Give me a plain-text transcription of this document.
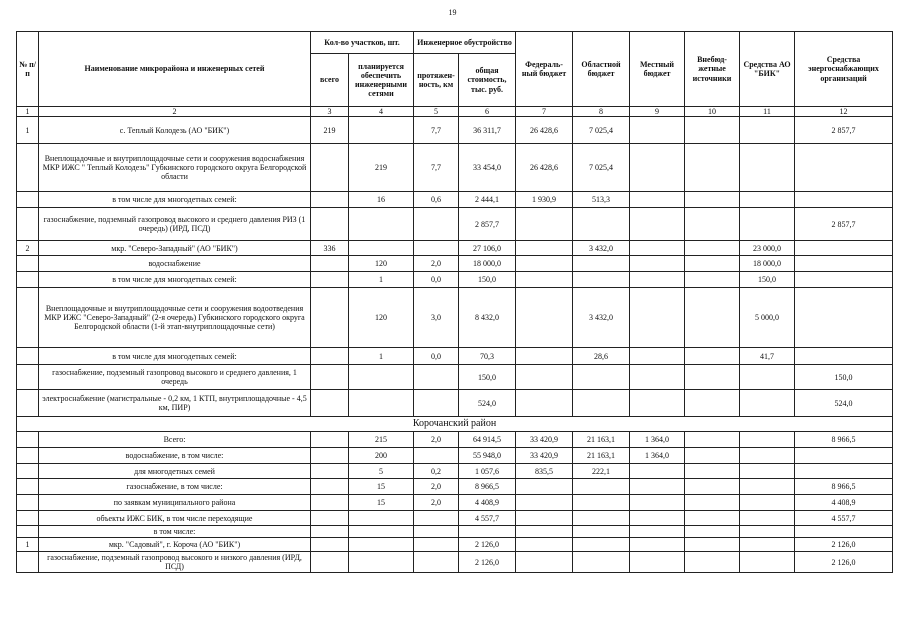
19
№ п/п	Наименование микрорайона и инженерных сетей	Кол-во участков, шт.		Инженерное обустройство		Федераль-ный бюджет	Областной бюджет	Местный бюджет	Внебюд-жетные источники	Средства АО "БИК"	Средства энергоснабжающих организаций
		всего	планируется обеспечить инженерными сетями	протяжен-ность, км	общая стоимость, тыс. руб.						
1	2	3	4	5	6	7	8	9	10	11	12
1	с. Теплый Колодезь (АО "БИК")	219		7,7	36 311,7	26 428,6	7 025,4				2 857,7
	Внеплощадочные и внутриплощадочные сети и сооружения водоснабжения МКР ИЖС " Теплый Колодезь" Губкинского городского округа Белгородской области		219	7,7	33 454,0	26 428,6	7 025,4				
	в том числе для многодетных семей:		16	0,6	2 444,1	1 930,9	513,3				
	газоснабжение, подземный газопровод высокого и среднего давления РИЗ (1 очередь) (ИРД, ПСД)				2 857,7						2 857,7
2	мкр. "Северо-Западный" (АО "БИК")	336			27 106,0		3 432,0			23 000,0	
	водоснабжение		120	2,0	18 000,0					18 000,0	
	в том числе для многодетных семей:		1	0,0	150,0					150,0	
	Внеплощадочные и внутриплощадочные сети и сооружения водоотведения МКР ИЖС "Северо-Западный" (2-я очередь) Губкинского городского округа Белгородской области (1-й этап-внутриплощадочные сети)		120	3,0	8 432,0		3 432,0			5 000,0	
	в том числе для многодетных семей:		1	0,0	70,3		28,6			41,7	
	газоснабжение, подземный газопровод высокого и среднего давления, 1 очередь				150,0						150,0
	электроснабжение (магистральные - 0,2 км, 1 КТП, внутриплощадочные - 4,5 км, ПИР)				524,0						524,0
Корочанский район											
	Всего:		215	2,0	64 914,5	33 420,9	21 163,1	1 364,0			8 966,5
	водоснабжение, в том числе:		200		55 948,0	33 420,9	21 163,1	1 364,0			
	для многодетных семей		5	0,2	1 057,6	835,5	222,1				
	газоснабжение, в том числе:		15	2,0	8 966,5						8 966,5
	по заявкам муниципального района		15	2,0	4 408,9						4 408,9
	объекты ИЖС БИК, в том числе переходящие				4 557,7						4 557,7
	в том числе:										
1	мкр. "Садовый", г. Короча (АО "БИК")				2 126,0						2 126,0
	газоснабжение, подземный газопровод высокого и низкого давления (ИРД, ПСД)				2 126,0						2 126,0
